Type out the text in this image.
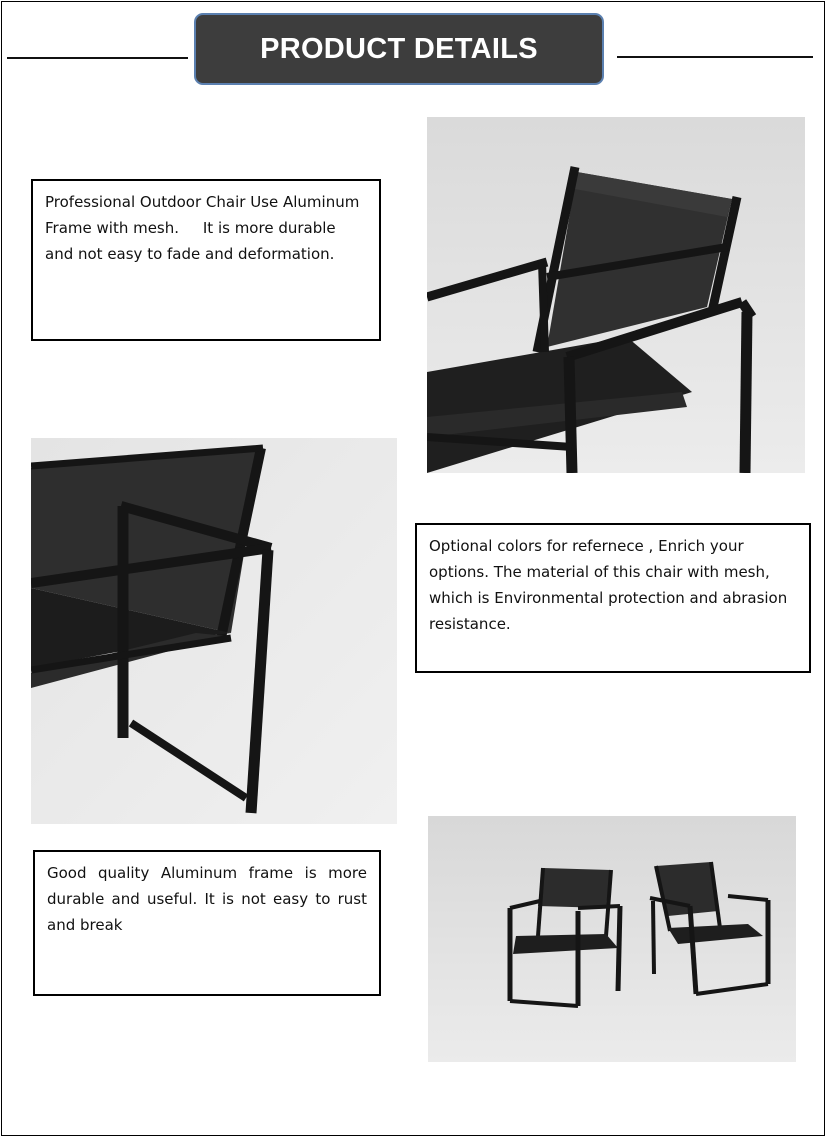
PRODUCT DETAILS
Professional Outdoor Chair Use Aluminum Frame with mesh.     It is more durable and not easy to fade and deformation.
Optional colors for refernece , Enrich your options. The material of this chair with mesh, which is Environmental protection and abrasion resistance.
Good quality Aluminum frame is more durable and useful. It is not easy to rust and break
